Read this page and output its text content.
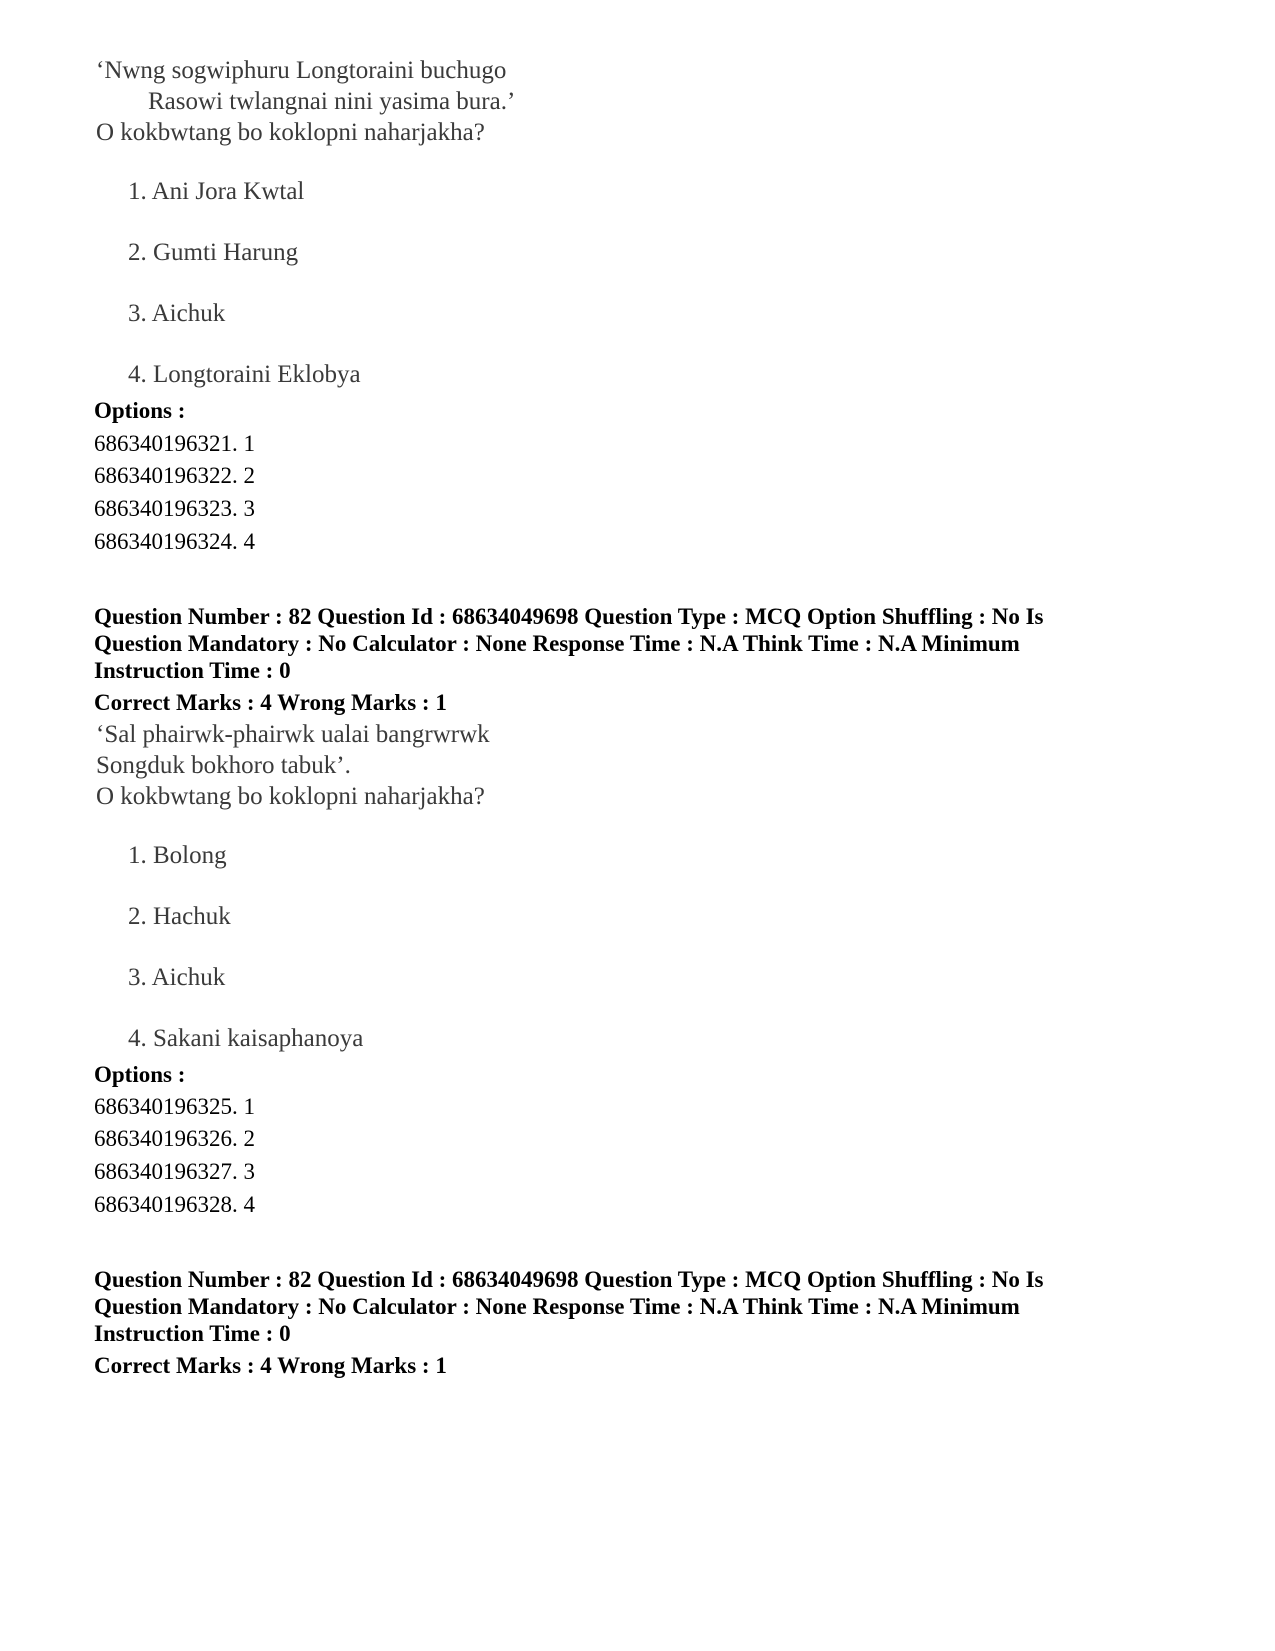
‘Nwng sogwiphuru Longtoraini buchugo
Rasowi twlangnai nini yasima bura.’
O kokbwtang bo koklopni naharjakha?
1. Ani Jora Kwtal
2. Gumti Harung
3. Aichuk
4. Longtoraini Eklobya
Options :
686340196321. 1
686340196322. 2
686340196323. 3
686340196324. 4
Question Number : 82 Question Id : 68634049698 Question Type : MCQ Option Shuffling : No Is
Question Mandatory : No Calculator : None Response Time : N.A Think Time : N.A Minimum
Instruction Time : 0
Correct Marks : 4 Wrong Marks : 1
‘Sal phairwk-phairwk ualai bangrwrwk
Songduk bokhoro tabuk’.
O kokbwtang bo koklopni naharjakha?
1. Bolong
2. Hachuk
3. Aichuk
4. Sakani kaisaphanoya
Options :
686340196325. 1
686340196326. 2
686340196327. 3
686340196328. 4
Question Number : 82 Question Id : 68634049698 Question Type : MCQ Option Shuffling : No Is
Question Mandatory : No Calculator : None Response Time : N.A Think Time : N.A Minimum
Instruction Time : 0
Correct Marks : 4 Wrong Marks : 1
